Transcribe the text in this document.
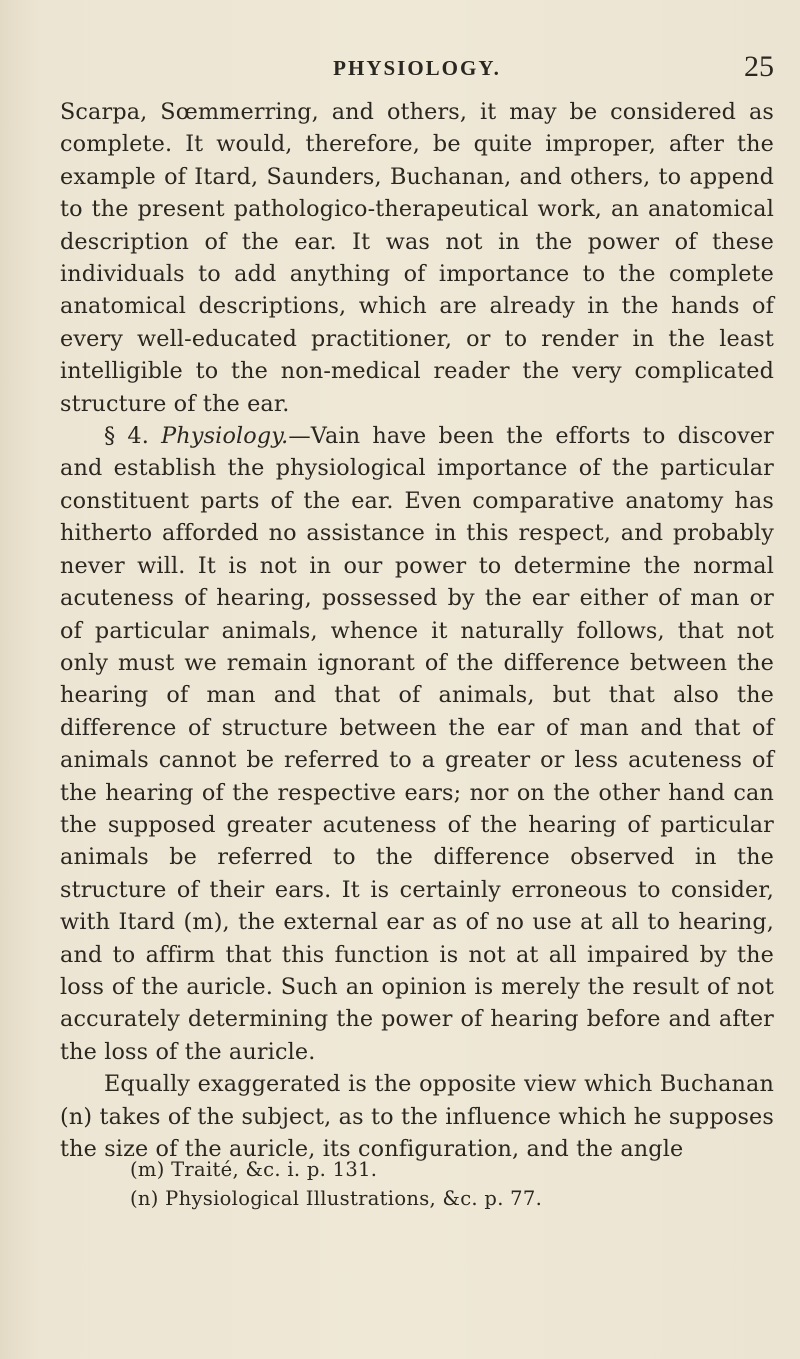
PHYSIOLOGY.	25

Scarpa, Sœmmerring, and others, it may be considered as complete. It would, therefore, be quite improper, after the example of Itard, Saunders, Buchanan, and others, to append to the present pathologico-therapeutical work, an anatomical description of the ear. It was not in the power of these individuals to add anything of importance to the complete anatomical descriptions, which are already in the hands of every well-educated practitioner, or to render in the least intelligible to the non-medical reader the very complicated structure of the ear.

§ 4. Physiology.—Vain have been the efforts to discover and establish the physiological importance of the particular constituent parts of the ear. Even comparative anatomy has hitherto afforded no assistance in this respect, and probably never will. It is not in our power to determine the normal acuteness of hearing, possessed by the ear either of man or of particular animals, whence it naturally follows, that not only must we remain ignorant of the difference between the hearing of man and that of animals, but that also the difference of structure between the ear of man and that of animals cannot be referred to a greater or less acuteness of the hearing of the respective ears; nor on the other hand can the supposed greater acuteness of the hearing of particular animals be referred to the difference observed in the structure of their ears. It is certainly erroneous to consider, with Itard (m), the external ear as of no use at all to hearing, and to affirm that this function is not at all impaired by the loss of the auricle. Such an opinion is merely the result of not accurately determining the power of hearing before and after the loss of the auricle.

Equally exaggerated is the opposite view which Buchanan (n) takes of the subject, as to the influence which he supposes the size of the auricle, its configuration, and the angle

(m) Traité, &c. i. p. 131.
(n) Physiological Illustrations, &c. p. 77.
